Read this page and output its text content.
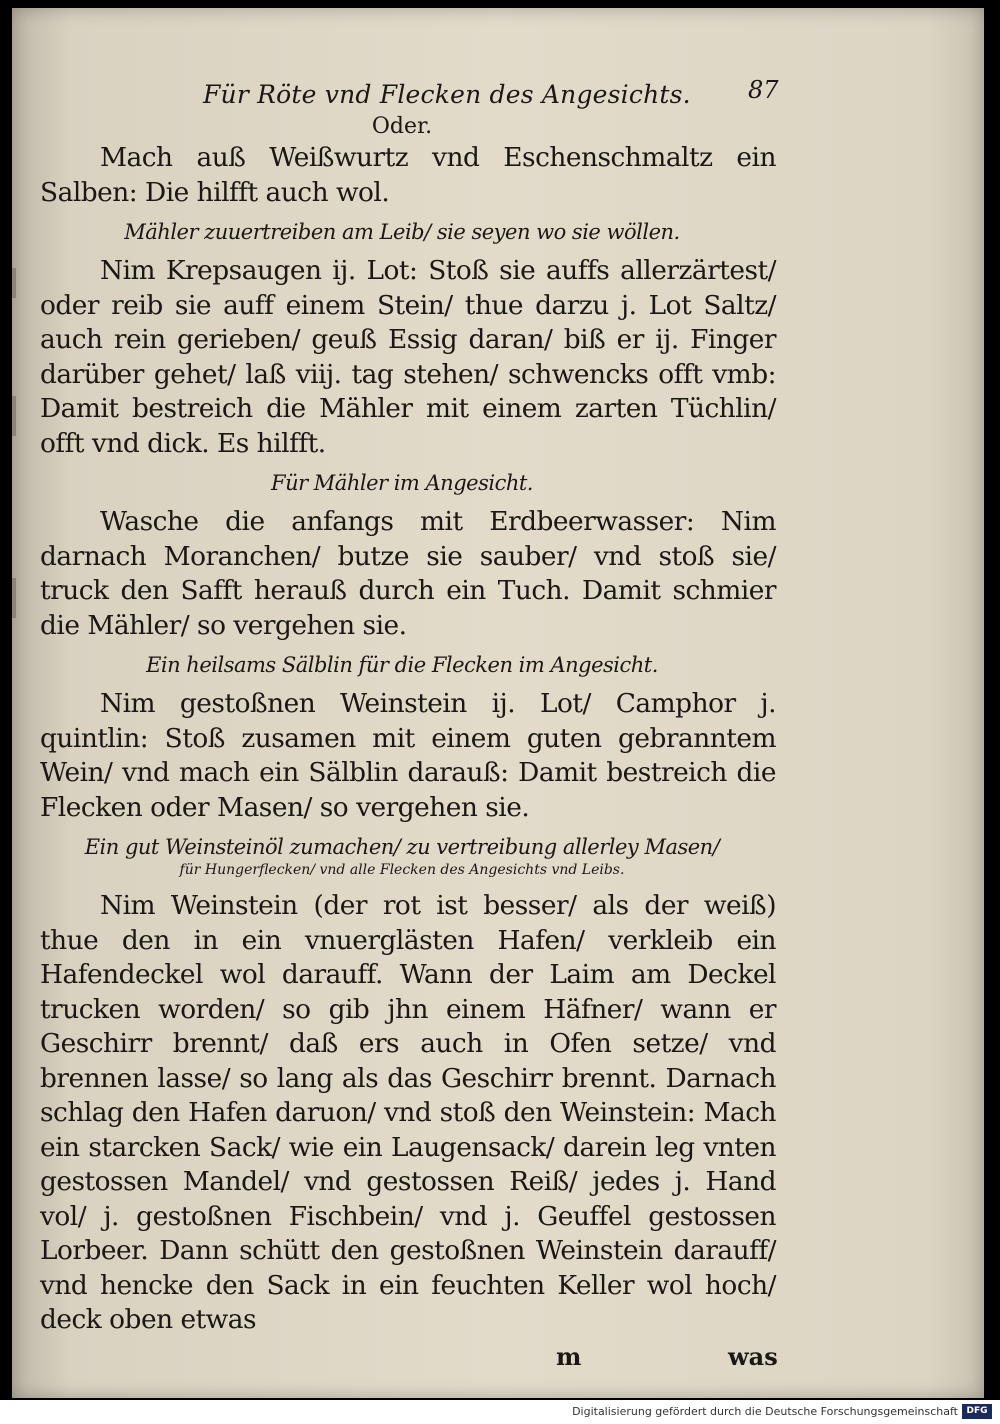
Für Röte vnd Flecken des Angesichts. 87
Oder.

Mach auß Weißwurtz vnd Eschenschmaltz ein Salben: Die hilfft auch wol.

Mähler zuuertreiben am Leib/ sie seyen wo sie wöllen.

Nim Krepsaugen ij. Lot: Stoß sie auffs allerzärtest/ oder reib sie auff einem Stein/ thue darzu j. Lot Saltz/ auch rein gerieben/ geuß Essig daran/ biß er ij. Finger darüber gehet/ laß viij. tag stehen/ schwencks offt vmb: Damit bestreich die Mähler mit einem zarten Tüchlin/ offt vnd dick. Es hilfft.

Für Mähler im Angesicht.

Wasche die anfangs mit Erdbeerwasser: Nim darnach Moranchen/ butze sie sauber/ vnd stoß sie/ truck den Safft herauß durch ein Tuch. Damit schmier die Mähler/ so vergehen sie.

Ein heilsams Sälblin für die Flecken im Angesicht.

Nim gestoßnen Weinstein ij. Lot/ Camphor j. quintlin: Stoß zusamen mit einem guten gebranntem Wein/ vnd mach ein Sälblin darauß: Damit bestreich die Flecken oder Masen/ so vergehen sie.

Ein gut Weinsteinöl zumachen/ zu vertreibung allerley Masen/
für Hungerflecken/ vnd alle Flecken des Angesichts vnd Leibs.

Nim Weinstein (der rot ist besser/ als der weiß) thue den in ein vnuerglästen Hafen/ verkleib ein Hafendeckel wol darauff. Wann der Laim am Deckel trucken worden/ so gib jhn einem Häfner/ wann er Geschirr brennt/ daß ers auch in Ofen setze/ vnd brennen lasse/ so lang als das Geschirr brennt. Darnach schlag den Hafen daruon/ vnd stoß den Weinstein: Mach ein starcken Sack/ wie ein Laugensack/ darein leg vnten gestossen Mandel/ vnd gestossen Reiß/ jedes j. Hand vol/ j. gestoßnen Fischbein/ vnd j. Geuffel gestossen Lorbeer. Dann schütt den gestoßnen Weinstein darauff/ vnd hencke den Sack in ein feuchten Keller wol hoch/ deck oben etwas

m	was
Digitalisierung gefördert durch die Deutsche Forschungsgemeinschaft DFG
